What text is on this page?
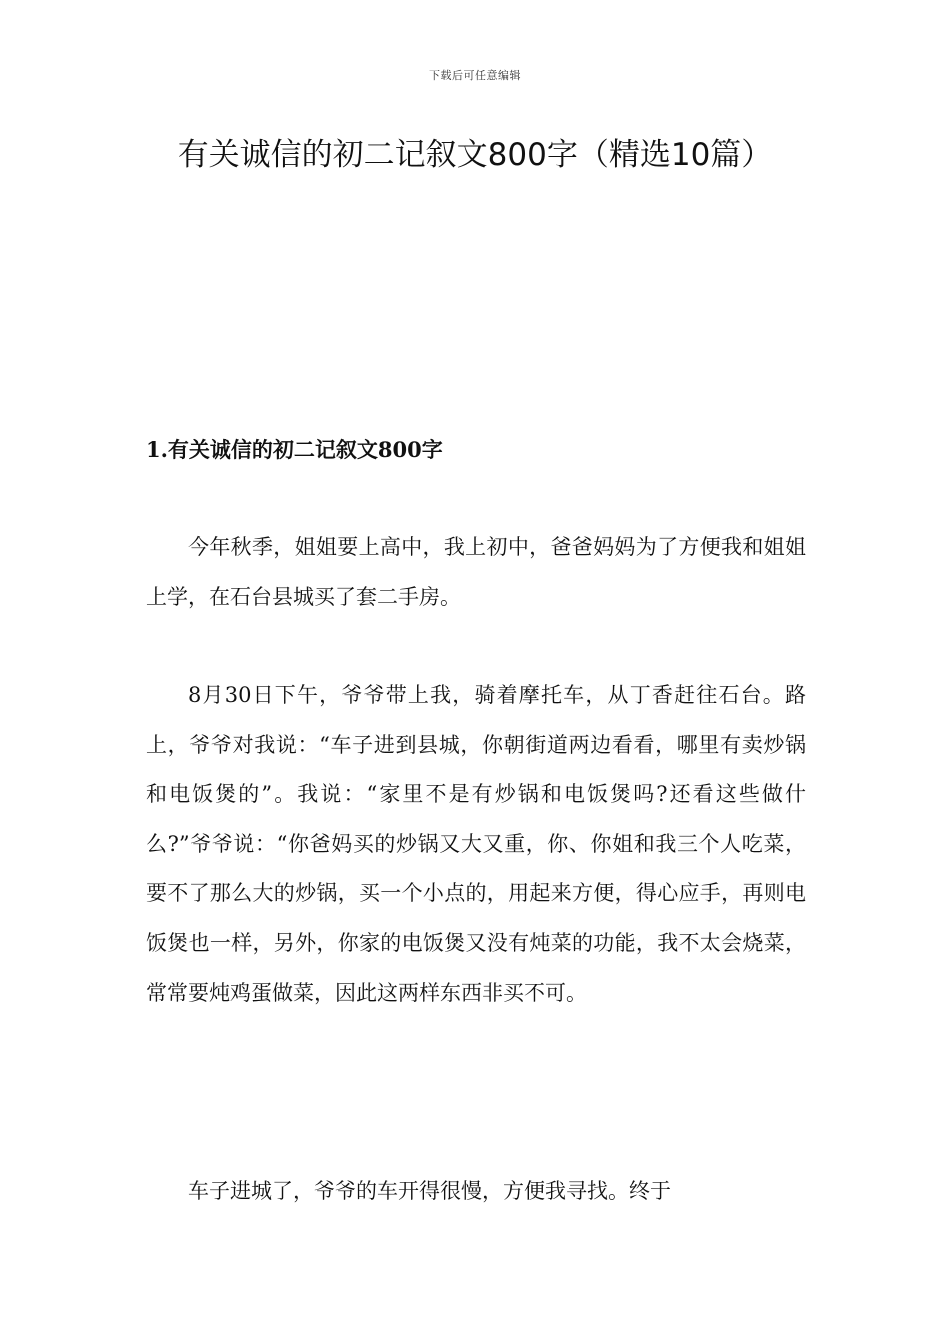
下载后可任意编辑
有关诚信的初二记叙文800字（精选10篇）
1.有关诚信的初二记叙文800字

今年秋季，姐姐要上高中，我上初中，爸爸妈妈为了方便我和姐姐上学，在石台县城买了套二手房。

8月30日下午，爷爷带上我，骑着摩托车，从丁香赶往石台。路上，爷爷对我说：“车子进到县城，你朝街道两边看看，哪里有卖炒锅和电饭煲的”。我说：“家里不是有炒锅和电饭煲吗?还看这些做什么?”爷爷说：“你爸妈买的炒锅又大又重，你、你姐和我三个人吃菜，要不了那么大的炒锅，买一个小点的，用起来方便，得心应手，再则电饭煲也一样，另外，你家的电饭煲又没有炖菜的功能，我不太会烧菜，常常要炖鸡蛋做菜，因此这两样东西非买不可。

车子进城了，爷爷的车开得很慢，方便我寻找。终于
